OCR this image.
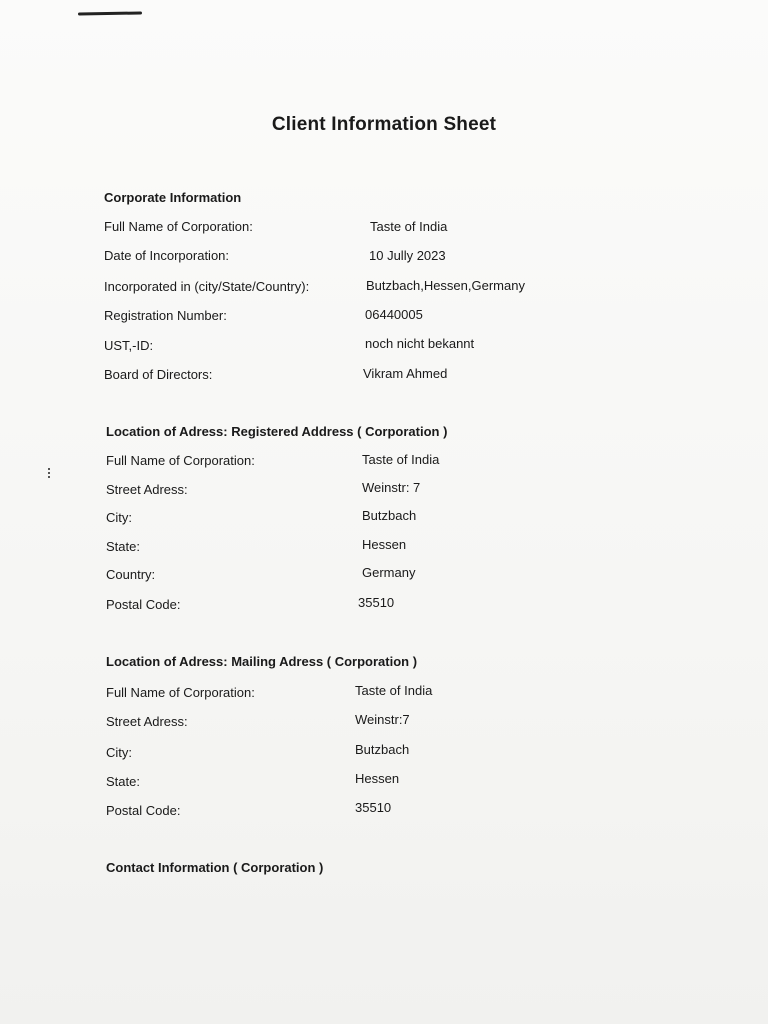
Client Information Sheet
Corporate Information
Full Name of Corporation:	Taste of India
Date of Incorporation:	10 Jully 2023
Incorporated in (city/State/Country):	Butzbach,Hessen,Germany
Registration Number:	06440005
UST,-ID:	noch nicht bekannt
Board of Directors:	Vikram Ahmed
Location of Adress: Registered Address ( Corporation )
Full Name of Corporation:	Taste of India
Street Adress:	Weinstr: 7
City:	Butzbach
State:	Hessen
Country:	Germany
Postal Code:	35510
Location of Adress: Mailing Adress ( Corporation )
Full Name of Corporation:	Taste of India
Street Adress:	Weinstr:7
City:	Butzbach
State:	Hessen
Postal Code:	35510
Contact Information ( Corporation )
